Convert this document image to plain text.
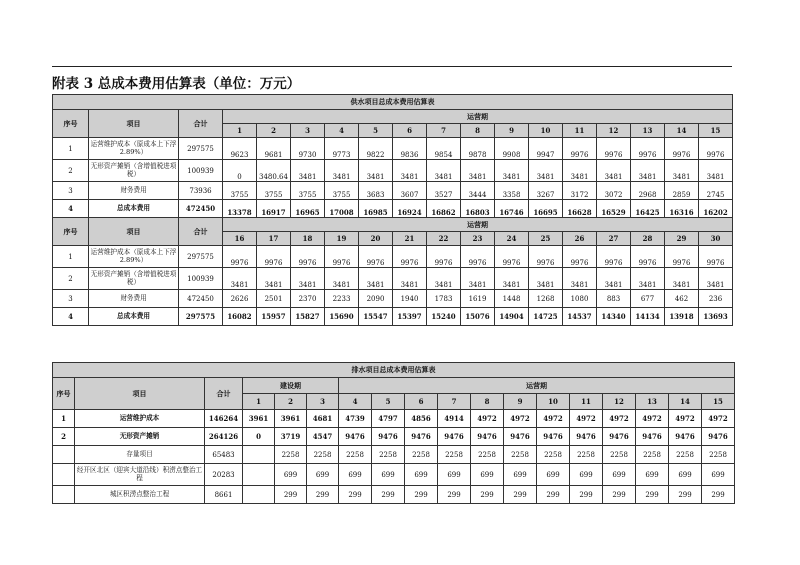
附表 3 总成本费用估算表（单位：万元）
供水项目总成本费用估算表																	
序号	项目	合计	运营期														
			1	2	3	4	5	6	7	8	9	10	11	12	13	14	15
1	运营维护成本（原成本上下浮 2.89%）	297575	9623	9681	9730	9773	9822	9836	9854	9878	9908	9947	9976	9976	9976	9976	9976
2	无形资产摊销（含增值税进项税）	100939	0	3480.64	3481	3481	3481	3481	3481	3481	3481	3481	3481	3481	3481	3481	3481
3	财务费用	73936	3755	3755	3755	3755	3683	3607	3527	3444	3358	3267	3172	3072	2968	2859	2745
4	总成本费用	472450	13378	16917	16965	17008	16985	16924	16862	16803	16746	16695	16628	16529	16425	16316	16202
序号	项目	合计	运营期														
			16	17	18	19	20	21	22	23	24	25	26	27	28	29	30
1	运营维护成本（原成本上下浮 2.89%）	297575	9976	9976	9976	9976	9976	9976	9976	9976	9976	9976	9976	9976	9976	9976	9976
2	无形资产摊销（含增值税进项税）	100939	3481	3481	3481	3481	3481	3481	3481	3481	3481	3481	3481	3481	3481	3481	3481
3	财务费用	472450	2626	2501	2370	2233	2090	1940	1783	1619	1448	1268	1080	883	677	462	236
4	总成本费用	297575	16082	15957	15827	15690	15547	15397	15240	15076	14904	14725	14537	14340	14134	13918	13693
排水项目总成本费用估算表																	
序号	项目	合计	建设期			运营期											
			1	2	3	4	5	6	7	8	9	10	11	12	13	14	15
1	运营维护成本	146264	3961	3961	4681	4739	4797	4856	4914	4972	4972	4972	4972	4972	4972	4972	4972
2	无形资产摊销	264126	0	3719	4547	9476	9476	9476	9476	9476	9476	9476	9476	9476	9476	9476	9476
	存量项目	65483		2258	2258	2258	2258	2258	2258	2258	2258	2258	2258	2258	2258	2258	2258
	经开区北区（迎宾大道沿线）积涝点整治工程	20283		699	699	699	699	699	699	699	699	699	699	699	699	699	699
	城区积涝点整治工程	8661		299	299	299	299	299	299	299	299	299	299	299	299	299	299
